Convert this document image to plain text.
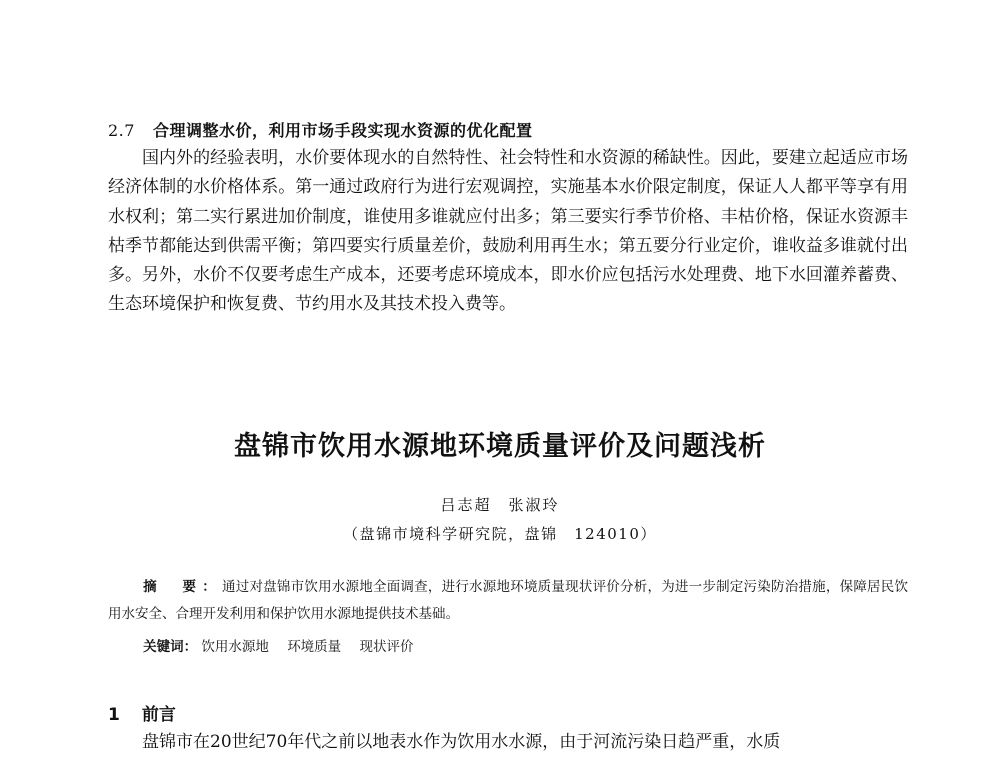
2.7 合理调整水价，利用市场手段实现水资源的优化配置

国内外的经验表明，水价要体现水的自然特性、社会特性和水资源的稀缺性。因此，要建立起适应市场经济体制的水价格体系。第一通过政府行为进行宏观调控，实施基本水价限定制度，保证人人都平等享有用水权利；第二实行累进加价制度，谁使用多谁就应付出多；第三要实行季节价格、丰枯价格，保证水资源丰枯季节都能达到供需平衡；第四要实行质量差价，鼓励利用再生水；第五要分行业定价，谁收益多谁就付出多。另外，水价不仅要考虑生产成本，还要考虑环境成本，即水价应包括污水处理费、地下水回灌养蓄费、生态环境保护和恢复费、节约用水及其技术投入费等。

盘锦市饮用水源地环境质量评价及问题浅析
吕志超　张淑玲
（盘锦市境科学研究院，盘锦　124010）
摘　要：通过对盘锦市饮用水源地全面调查，进行水源地环境质量现状评价分析，为进一步制定污染防治措施，保障居民饮用水安全、合理开发利用和保护饮用水源地提供技术基础。
关键词： 饮用水源地 环境质量 现状评价
1 前言

盘锦市在20世纪70年代之前以地表水作为饮用水水源，由于河流污染日趋严重，水质
